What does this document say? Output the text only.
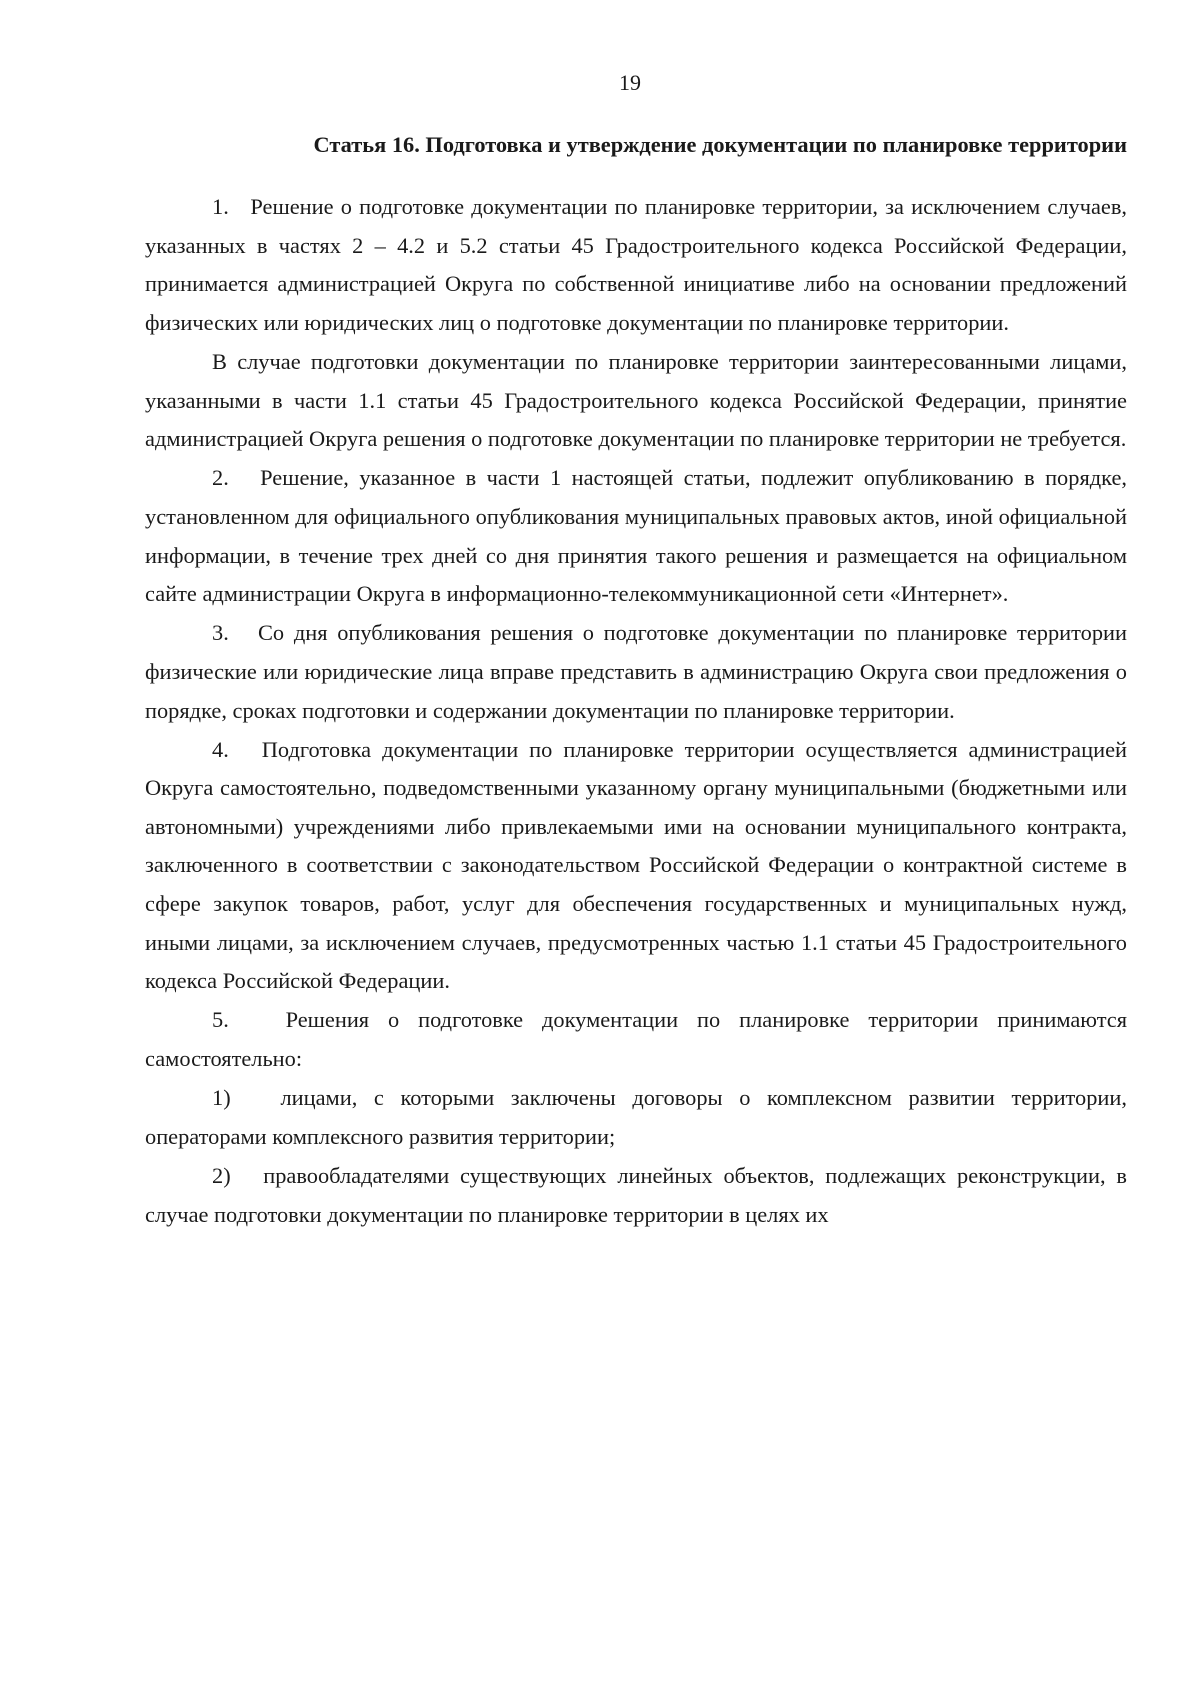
19
Статья 16. Подготовка и утверждение документации по планировке территории

1. Решение о подготовке документации по планировке территории, за исключением случаев, указанных в частях 2 – 4.2 и 5.2 статьи 45 Градостроительного кодекса Российской Федерации, принимается администрацией Округа по собственной инициативе либо на основании предложений физических или юридических лиц о подготовке документации по планировке территории.

В случае подготовки документации по планировке территории заинтересованными лицами, указанными в части 1.1 статьи 45 Градостроительного кодекса Российской Федерации, принятие администрацией Округа решения о подготовке документации по планировке территории не требуется.

2. Решение, указанное в части 1 настоящей статьи, подлежит опубликованию в порядке, установленном для официального опубликования муниципальных правовых актов, иной официальной информации, в течение трех дней со дня принятия такого решения и размещается на официальном сайте администрации Округа в информационно-телекоммуникационной сети «Интернет».

3. Со дня опубликования решения о подготовке документации по планировке территории физические или юридические лица вправе представить в администрацию Округа свои предложения о порядке, сроках подготовки и содержании документации по планировке территории.

4. Подготовка документации по планировке территории осуществляется администрацией Округа самостоятельно, подведомственными указанному органу муниципальными (бюджетными или автономными) учреждениями либо привлекаемыми ими на основании муниципального контракта, заключенного в соответствии с законодательством Российской Федерации о контрактной системе в сфере закупок товаров, работ, услуг для обеспечения государственных и муниципальных нужд, иными лицами, за исключением случаев, предусмотренных частью 1.1 статьи 45 Градостроительного кодекса Российской Федерации.

5.	Решения о подготовке документации по планировке территории принимаются самостоятельно:

1) лицами, с которыми заключены договоры о комплексном развитии территории, операторами комплексного развития территории;

2) правообладателями существующих линейных объектов, подлежащих реконструкции, в случае подготовки документации по планировке территории в целях их
